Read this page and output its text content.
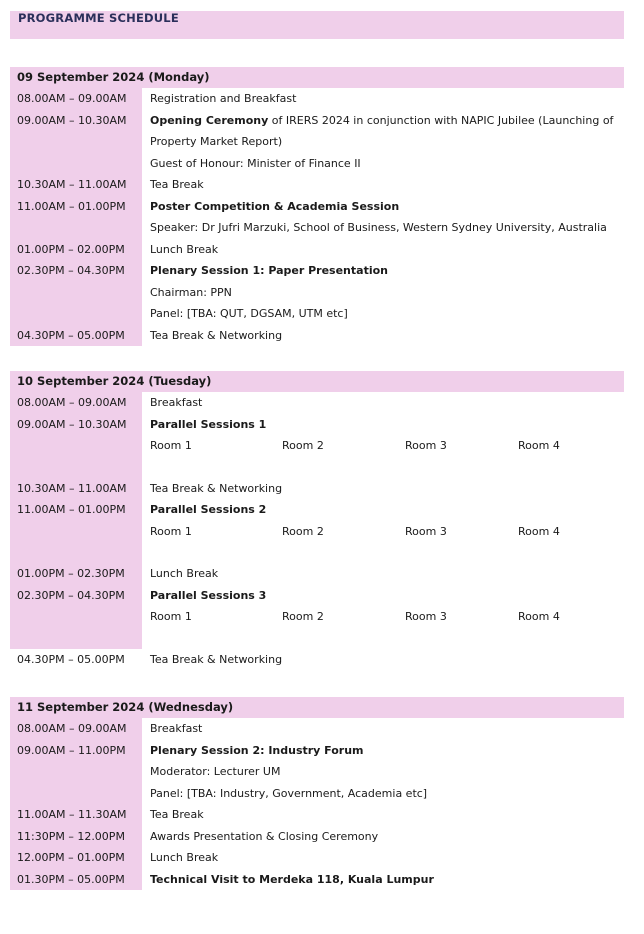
PROGRAMME SCHEDULE
09 September 2024 (Monday)
08.00AM – 09.00AM	Registration and Breakfast
09.00AM – 10.30AM	Opening Ceremony of IRERS 2024 in conjunction with NAPIC Jubilee (Launching of
Property Market Report)
Guest of Honour: Minister of Finance II
10.30AM – 11.00AM	Tea Break
11.00AM – 01.00PM	Poster Competition & Academia Session
Speaker: Dr Jufri Marzuki, School of Business, Western Sydney University, Australia
01.00PM – 02.00PM	Lunch Break
02.30PM – 04.30PM	Plenary Session 1: Paper Presentation
Chairman: PPN
Panel: [TBA: QUT, DGSAM, UTM etc]
04.30PM – 05.00PM	Tea Break & Networking
10 September 2024 (Tuesday)
08.00AM – 09.00AM	Breakfast
09.00AM – 10.30AM	Parallel Sessions 1
Room 1	Room 2	Room 3	Room 4
10.30AM – 11.00AM	Tea Break & Networking
11.00AM – 01.00PM	Parallel Sessions 2
Room 1	Room 2	Room 3	Room 4
01.00PM – 02.30PM	Lunch Break
02.30PM – 04.30PM	Parallel Sessions 3
Room 1	Room 2	Room 3	Room 4
04.30PM – 05.00PM	Tea Break & Networking
11 September 2024 (Wednesday)
08.00AM – 09.00AM	Breakfast
09.00AM – 11.00PM	Plenary Session 2: Industry Forum
Moderator: Lecturer UM
Panel: [TBA: Industry, Government, Academia etc]
11.00AM – 11.30AM	Tea Break
11:30PM – 12.00PM	Awards Presentation & Closing Ceremony
12.00PM – 01.00PM	Lunch Break
01.30PM – 05.00PM	Technical Visit to Merdeka 118, Kuala Lumpur
